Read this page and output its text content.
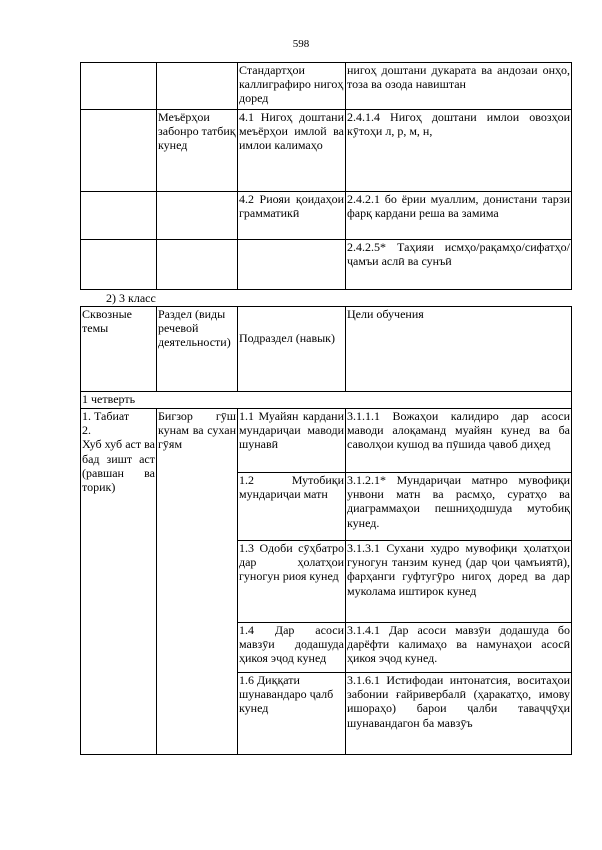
598
		Стандартҳои каллиграфиро нигоҳ доред	нигоҳ доштани дукарата ва андозаи онҳо, тоза ва озода навиштан
	Меъёрҳои забонро татбиқ кунед	4.1 Нигоҳ доштани меъёрҳои имлой ва имлои калимаҳо	2.4.1.4 Нигоҳ доштани имлои овозҳои кӯтоҳи л, р, м, н,
		4.2 Риояи қоидаҳои грамматикӣ	2.4.2.1 бо ёрии муаллим, донистани тарзи фарқ кардани реша ва замима
			2.4.2.5* Таҳияи исмҳо/рақамҳо/сифатҳо/ҷамъи аслӣ ва сунъӣ
2) 3 класс
Сквозные темы	Раздел (виды речевой деятельности)	Подраздел (навык)	Цели обучения
1 четверть			
1. Табиат
2.
Хуб хуб аст ва бад зишт аст (равшан ва торик)	Бигзор гӯш кунам ва сухан гӯям	1.1 Муайян кардани мундариҷаи маводи шунавӣ	3.1.1.1 Вожаҳои калидиро дар асоси маводи алоқаманд муайян кунед ва ба саволҳои кушод ва пӯшида ҷавоб диҳед
		1.2 Мутобиқи мундариҷаи матн	3.1.2.1* Мундариҷаи матнро мувофиқи унвони матн ва расмҳо, суратҳо ва диаграммаҳои пешниҳодшуда мутобиқ кунед.
		1.3 Одоби сӯҳбатро дар ҳолатҳои гуногун риоя кунед	3.1.3.1 Сухани худро мувофиқи ҳолатҳои гуногун танзим кунед (дар ҷои ҷамъиятӣ), фарҳанги гуфтугӯро нигоҳ доред ва дар муколама иштирок кунед
		1.4 Дар асоси мавзӯи додашуда ҳикоя эҷод кунед	3.1.4.1 Дар асоси мавзӯи додашуда бо дарёфти калимаҳо ва намунаҳои асосӣ ҳикоя эҷод кунед.
		1.6 Диққати шунавандаро ҷалб кунед	3.1.6.1 Истифодаи интонатсия, воситаҳои забонии ғайривербалӣ (ҳаракатҳо, имову ишораҳо) барои ҷалби таваҷҷӯҳи шунавандагон ба мавзӯъ
